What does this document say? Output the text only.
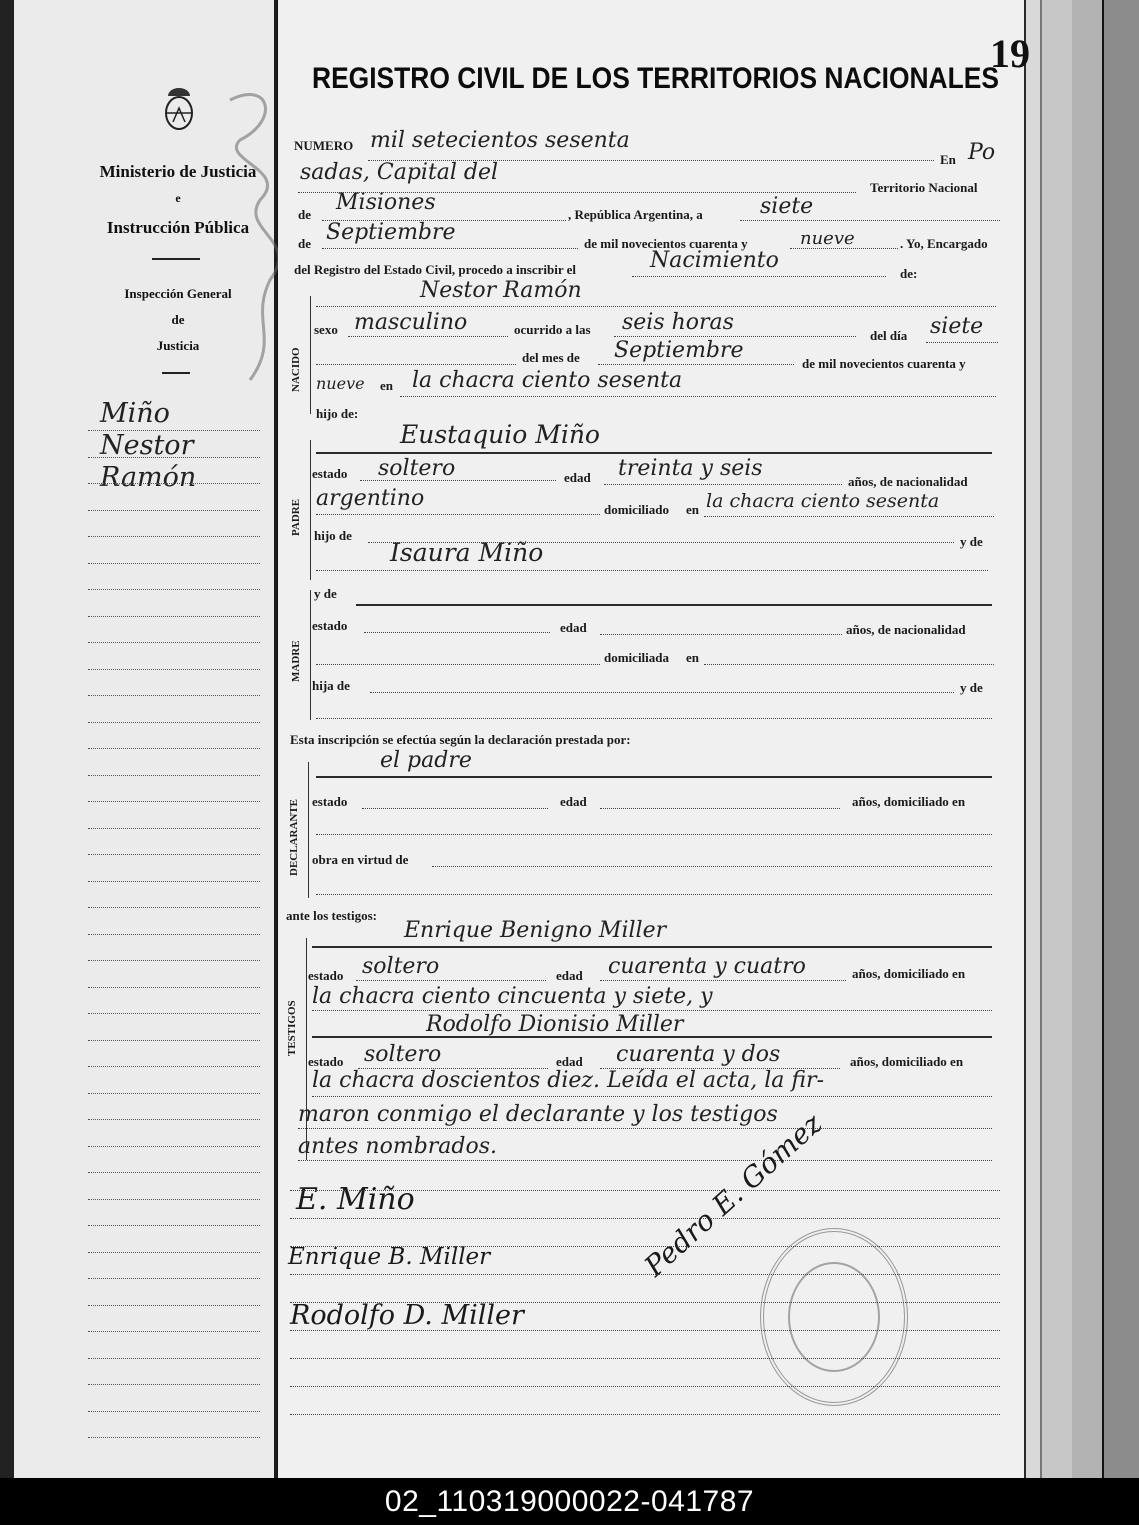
Ministerio de Justicia
e
Instrucción Pública
Inspección General
de
Justicia
Miño
Nestor
Ramón
19
REGISTRO CIVIL DE LOS TERRITORIOS NACIONALES
NUMERO mil setecientos sesenta
En Po
sadas, Capital del
Territorio Nacional
de Misiones	, República Argentina, a	siete
de Septiembre	de mil novecientos cuarenta y	nueve	. Yo, Encargado
del Registro del Estado Civil, procedo a inscribir el	Nacimiento
de:
NACIDO
Nestor Ramón
sexo masculino	ocurrido a las seis horas
del día siete
del mes de Septiembre
de mil novecientos cuarenta y
nueve en la chacra ciento sesenta
hijo de:
PADRE
Eustaquio Miño
estado soltero	edad treinta y seis
años, de nacionalidad
argentino	domiciliado en la chacra ciento sesenta
hijo de	y de
Isaura Miño
MADRE
y de
estado	edad	años, de nacionalidad
domiciliada en
hija de	y de
Esta inscripción se efectúa según la declaración prestada por:
DECLARANTE
el padre
estado	edad	años, domiciliado en
obra en virtud de
ante los testigos:
TESTIGOS
Enrique Benigno Miller
estado soltero	edad cuarenta y cuatro	años, domiciliado en
la chacra ciento cincuenta y siete, y
Rodolfo Dionisio Miller
estado soltero	edad cuarenta y dos	años, domiciliado en
la chacra doscientos diez. Leída el acta, la fir-
maron conmigo el declarante y los testigos
antes nombrados.
E. Miño
Enrique B. Miller
Rodolfo D. Miller
Pedro E. Gómez
02_110319000022-041787
